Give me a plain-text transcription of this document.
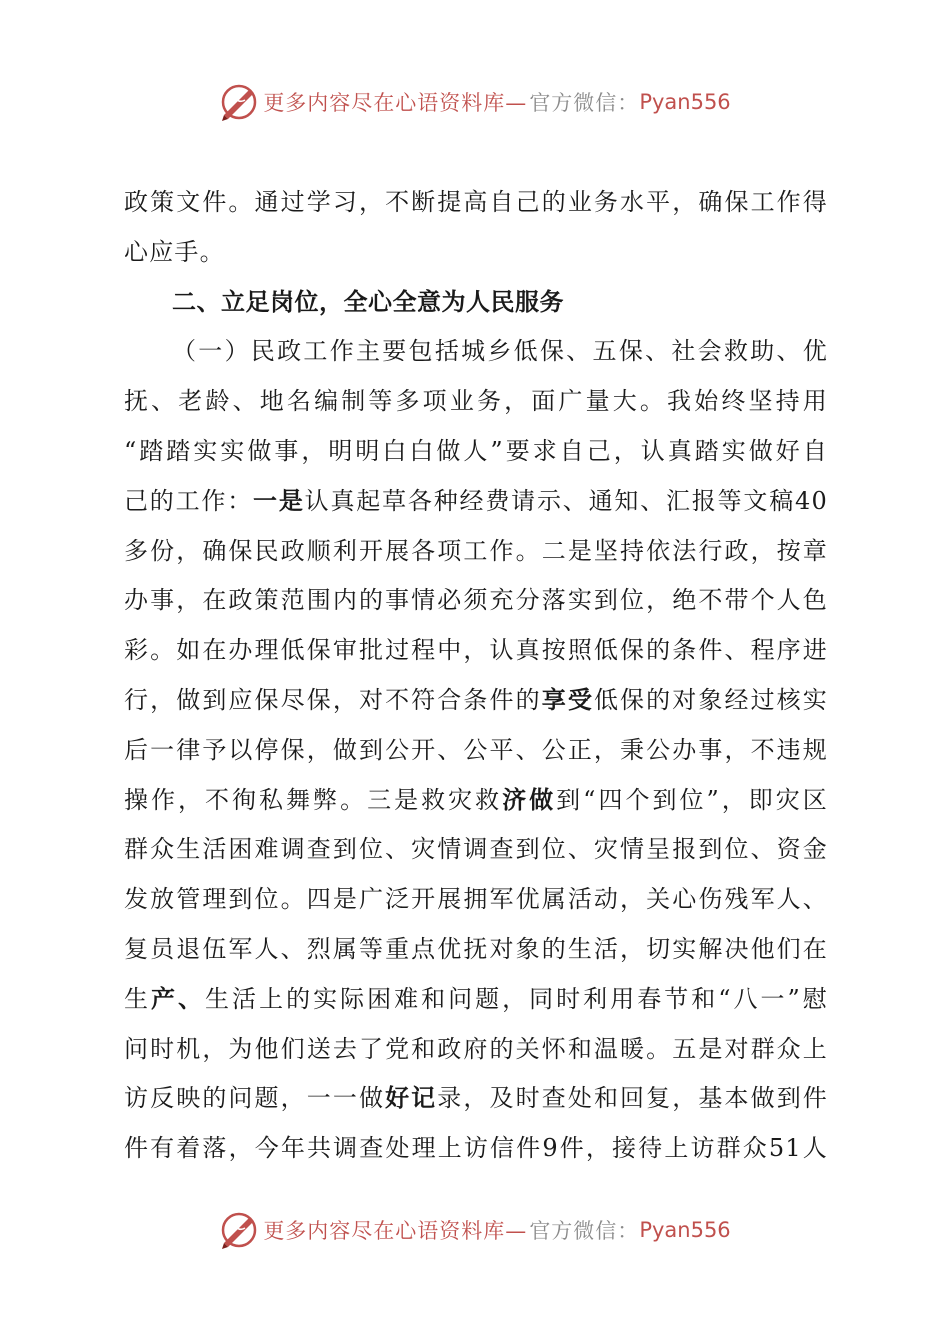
更多内容尽在心语资料库— 官方微信： Pyan556
政策文件。通过学习，不断提高自己的业务水平，确保工作得
心应手。
二、立足岗位，全心全意为人民服务
（一）民政工作主要包括城乡低保、五保、社会救助、优
抚、老龄、地名编制等多项业务，面广量大。我始终坚持用
“踏踏实实做事，明明白白做人”要求自己，认真踏实做好自
己的工作：一是认真起草各种经费请示、通知、汇报等文稿40
多份，确保民政顺利开展各项工作。二是坚持依法行政，按章
办事，在政策范围内的事情必须充分落实到位，绝不带个人色
彩。如在办理低保审批过程中，认真按照低保的条件、程序进
行，做到应保尽保，对不符合条件的享受低保的对象经过核实
后一律予以停保，做到公开、公平、公正，秉公办事，不违规
操作，不徇私舞弊。三是救灾救济做到“四个到位”，即灾区
群众生活困难调查到位、灾情调查到位、灾情呈报到位、资金
发放管理到位。四是广泛开展拥军优属活动，关心伤残军人、
复员退伍军人、烈属等重点优抚对象的生活，切实解决他们在
生产、生活上的实际困难和问题，同时利用春节和“八一”慰
问时机，为他们送去了党和政府的关怀和温暖。五是对群众上
访反映的问题，一一做好记录，及时查处和回复，基本做到件
件有着落，今年共调查处理上访信件9件，接待上访群众51人
更多内容尽在心语资料库— 官方微信： Pyan556
